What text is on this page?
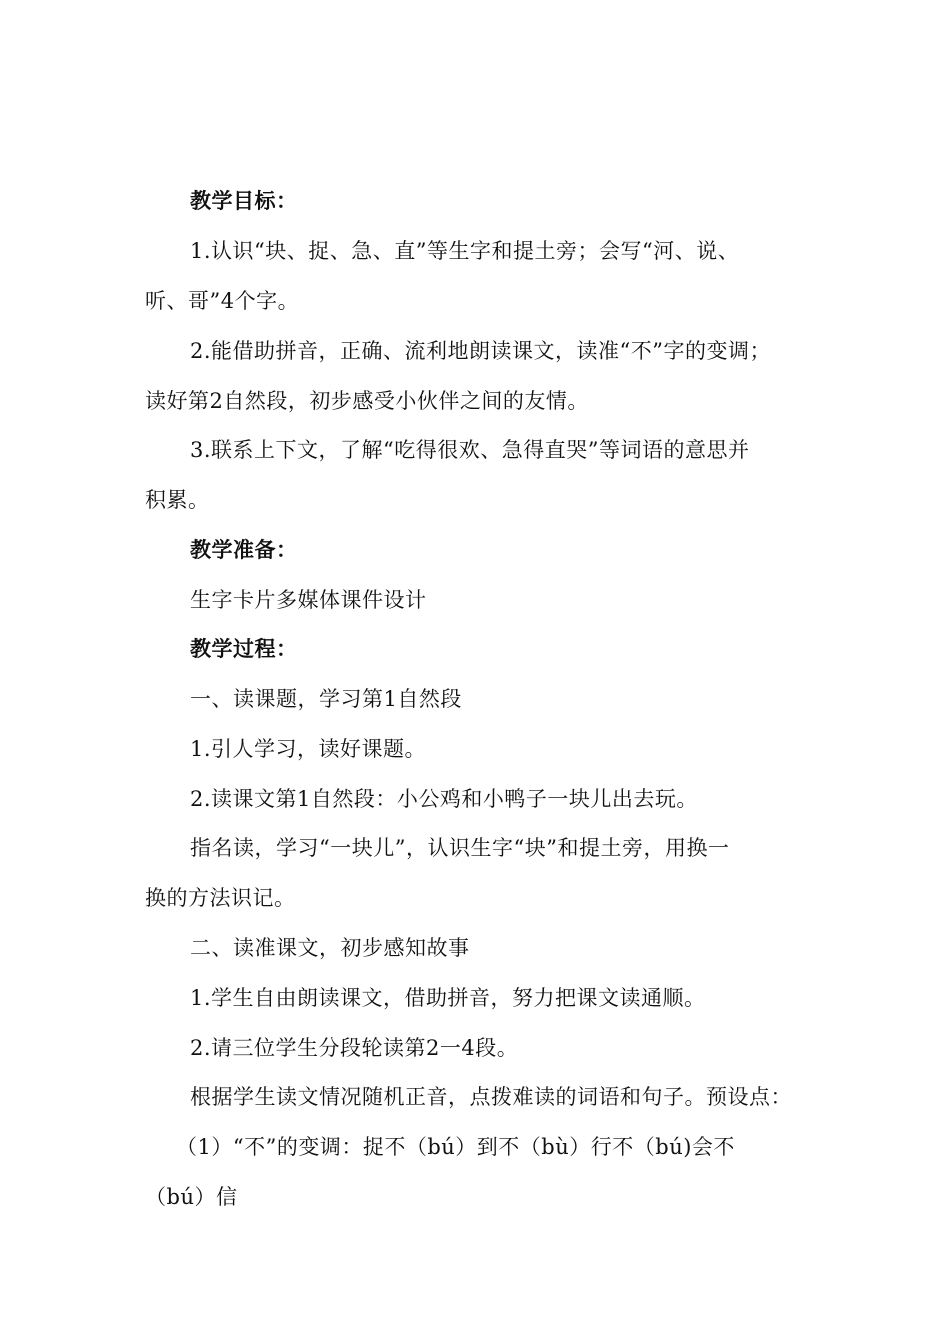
教学目标：
1.认识“块、捉、急、直”等生字和提土旁；会写“河、说、
听、哥”4个字。
2.能借助拼音，正确、流利地朗读课文，读准“不”字的变调；
读好第2自然段，初步感受小伙伴之间的友情。
3.联系上下文，了解“吃得很欢、急得直哭”等词语的意思并
积累。
教学准备：
生字卡片多媒体课件设计
教学过程：
一、读课题，学习第1自然段
1.引人学习，读好课题。
2.读课文第1自然段：小公鸡和小鸭子一块儿出去玩。
指名读，学习“一块儿”，认识生字“块”和提土旁，用换一
换的方法识记。
二、读准课文，初步感知故事
1.学生自由朗读课文，借助拼音，努力把课文读通顺。
2.请三位学生分段轮读第2一4段。
根据学生读文情况随机正音，点拨难读的词语和句子。预设点：
（1）“不”的变调：捉不（bú）到不（bù）行不（bú)会不
（bú）信
